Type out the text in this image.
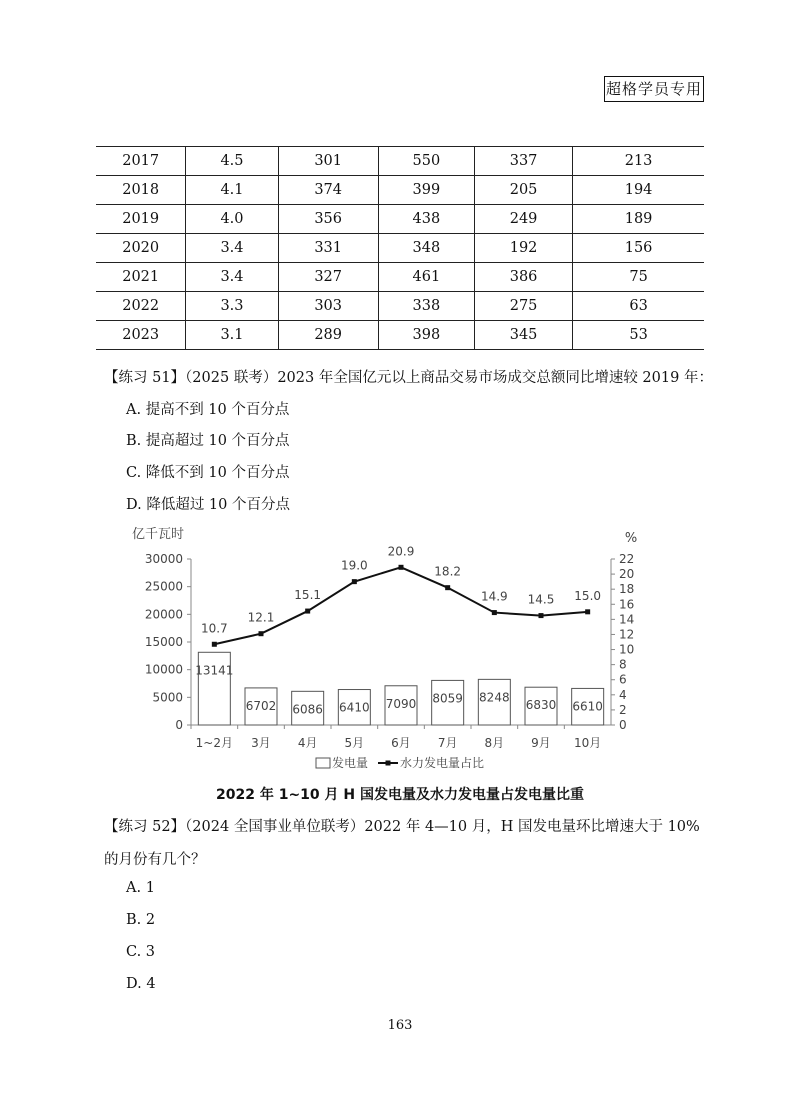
超格学员专用
2017	4.5	301	550	337	213
2018	4.1	374	399	205	194
2019	4.0	356	438	249	189
2020	3.4	331	348	192	156
2021	3.4	327	461	386	75
2022	3.3	303	338	275	63
2023	3.1	289	398	345	53
【练习 51】（2025 联考）2023 年全国亿元以上商品交易市场成交总额同比增速较 2019 年：
A. 提高不到 10 个百分点
B. 提高超过 10 个百分点
C. 降低不到 10 个百分点
D. 降低超过 10 个百分点
亿千瓦时	%
0
5000
10000
15000
20000
25000
30000
0
2
4
6
8
10
12
14
16
18
20
22
13141
6702 6086 6410 7090 8059 8248
6830 6610
1~2月 3月 4月 5月 6月 7月 8月 9月 10月
10.7
12.1
15.1
19.0
20.9
18.2
14.9 14.5 15.0
发电量	水力发电量占比
2022 年 1~10 月 H 国发电量及水力发电量占发电量比重
【练习 52】（2024 全国事业单位联考）2022 年 4—10 月，H 国发电量环比增速大于 10%
的月份有几个？
A. 1
B. 2
C. 3
D. 4
163
